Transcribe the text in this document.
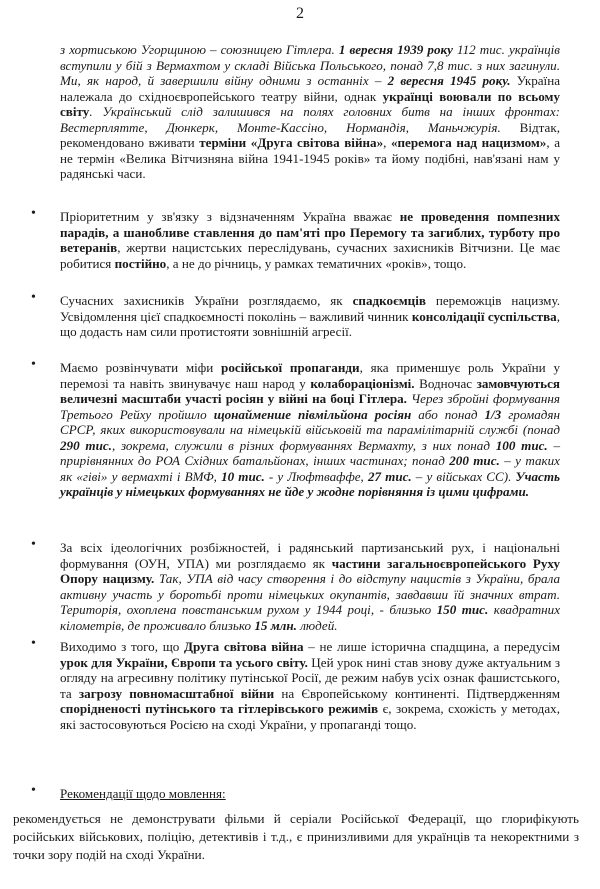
2

з хортиською Угорщиною – союзницею Гітлера. 1 вересня 1939 року 112 тис. українців вступили у бій з Вермахтом у складі Війська Польського, понад 7,8 тис. з них загинули. Ми, як народ, й завершили війну одними з останніх – 2 вересня 1945 року. Україна належала до східноєвропейського театру війни, однак українці воювали по всьому світу. Український слід залишився на полях головних битв на інших фронтах: Вестерплятте, Дюнкерк, Монте-Кассіно, Нормандія, Маньчжурія. Відтак, рекомендовано вживати терміни «Друга світова війна», «перемога над нацизмом», а не термін «Велика Вітчизняна війна 1941-1945 років» та йому подібні, нав'язані нам у радянські часи.

• Пріоритетним у зв'язку з відзначенням Україна вважає не проведення помпезних парадів, а шанобливе ставлення до пам'яті про Перемогу та загиблих, турботу про ветеранів, жертви нацистських переслідувань, сучасних захисників Вітчизни. Це має робитися постійно, а не до річниць, у рамках тематичних «років», тощо.

• Сучасних захисників України розглядаємо, як спадкоємців переможців нацизму. Усвідомлення цієї спадкоємності поколінь – важливий чинник консолідації суспільства, що додасть нам сили протистояти зовнішній агресії.

• Маємо розвінчувати міфи російської пропаганди, яка применшує роль України у перемозі та навіть звинувачує наш народ у колабораціонізмі. Водночас замовчуються величезні масштаби участі росіян у війні на боці Гітлера. Через збройні формування Третього Рейху пройшло щонайменше півмільйона росіян або понад 1/3 громадян СРСР, яких використовували на німецькій військовій та парамілітарній службі (понад 290 тис., зокрема, служили в різних формуваннях Вермахту, з них понад 100 тис. – прирівнянних до РОА Східних батальйонах, інших частинах; понад 200 тис. – у таких як «гіві» у вермахті і ВМФ, 10 тис. - у Люфтваффе, 27 тис. – у військах СС). Участь українців у німецьких формуваннях не йде у жодне порівняння із цими цифрами.

• За всіх ідеологічних розбіжностей, і радянський партизанський рух, і національні формування (ОУН, УПА) ми розглядаємо як частини загальноєвропейського Руху Опору нацизму. Так, УПА від часу створення і до відступу нацистів з України, брала активну участь у боротьбі проти німецьких окупантів, завдавши їй значних втрат. Територія, охоплена повстанським рухом у 1944 році, - близько 150 тис. квадратних кілометрів, де проживало близько 15 млн. людей.

• Виходимо з того, що Друга світова війна – не лише історична спадщина, а передусім урок для України, Європи та усього світу. Цей урок нині став знову дуже актуальним з огляду на агресивну політику путінської Росії, де режим набув усіх ознак фашистського, та загрозу повномасштабної війни на Європейському континенті. Підтвердженням спорідненості путінського та гітлерівського режимів є, зокрема, схожість у методах, які застосовуються Росією на сході України, у пропаганді тощо.

• Рекомендації щодо мовлення:

рекомендується не демонструвати фільми й серіали Російської Федерації, що глорифікують російських військових, поліцію, детективів і т.д., є принизливими для українців та некоректними з точки зору подій на сході України.
